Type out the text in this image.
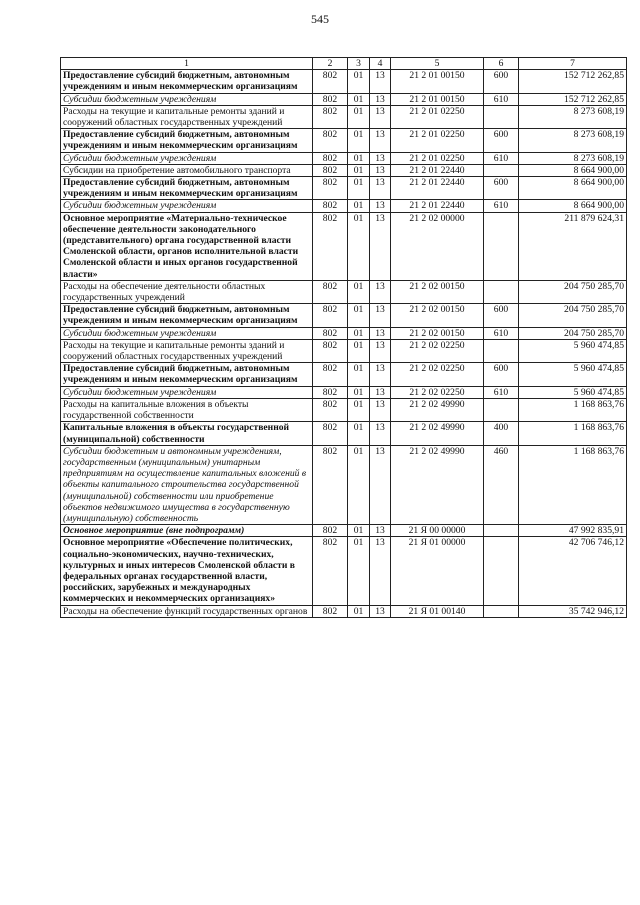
545
1	2	3	4	5	6	7
Предоставление субсидий бюджетным, автономным учреждениям и иным некоммерческим организациям	802	01	13	21 2 01 00150	600	152 712 262,85
Субсидии бюджетным учреждениям	802	01	13	21 2 01 00150	610	152 712 262,85
Расходы на текущие и капитальные ремонты зданий и сооружений областных государственных учреждений	802	01	13	21 2 01 02250		8 273 608,19
Предоставление субсидий бюджетным, автономным учреждениям и иным некоммерческим организациям	802	01	13	21 2 01 02250	600	8 273 608,19
Субсидии бюджетным учреждениям	802	01	13	21 2 01 02250	610	8 273 608,19
Субсидии на приобретение автомобильного транспорта	802	01	13	21 2 01 22440		8 664 900,00
Предоставление субсидий бюджетным, автономным учреждениям и иным некоммерческим организациям	802	01	13	21 2 01 22440	600	8 664 900,00
Субсидии бюджетным учреждениям	802	01	13	21 2 01 22440	610	8 664 900,00
Основное мероприятие «Материально-техническое обеспечение деятельности законодательного (представительного) органа государственной власти Смоленской области, органов исполнительной власти Смоленской области и иных органов государственной власти»	802	01	13	21 2 02 00000		211 879 624,31
Расходы на обеспечение деятельности областных государственных учреждений	802	01	13	21 2 02 00150		204 750 285,70
Предоставление субсидий бюджетным, автономным учреждениям и иным некоммерческим организациям	802	01	13	21 2 02 00150	600	204 750 285,70
Субсидии бюджетным учреждениям	802	01	13	21 2 02 00150	610	204 750 285,70
Расходы на текущие и капитальные ремонты зданий и сооружений областных государственных учреждений	802	01	13	21 2 02 02250		5 960 474,85
Предоставление субсидий бюджетным, автономным учреждениям и иным некоммерческим организациям	802	01	13	21 2 02 02250	600	5 960 474,85
Субсидии бюджетным учреждениям	802	01	13	21 2 02 02250	610	5 960 474,85
Расходы на капитальные вложения в объекты государственной собственности	802	01	13	21 2 02 49990		1 168 863,76
Капитальные вложения в объекты государственной (муниципальной) собственности	802	01	13	21 2 02 49990	400	1 168 863,76
Субсидии бюджетным и автономным учреждениям, государственным (муниципальным) унитарным предприятиям на осуществление капитальных вложений в объекты капитального строительства государственной (муниципальной) собственности или приобретение объектов недвижимого имущества в государственную (муниципальную) собственность	802	01	13	21 2 02 49990	460	1 168 863,76
Основное мероприятие (вне подпрограмм)	802	01	13	21 Я 00 00000		47 992 835,91
Основное мероприятие «Обеспечение политических, социально-экономических, научно-технических, культурных и иных интересов Смоленской области в федеральных органах государственной власти, российских, зарубежных и международных коммерческих и некоммерческих организациях»	802	01	13	21 Я 01 00000		42 706 746,12
Расходы на обеспечение функций государственных органов	802	01	13	21 Я 01 00140		35 742 946,12
